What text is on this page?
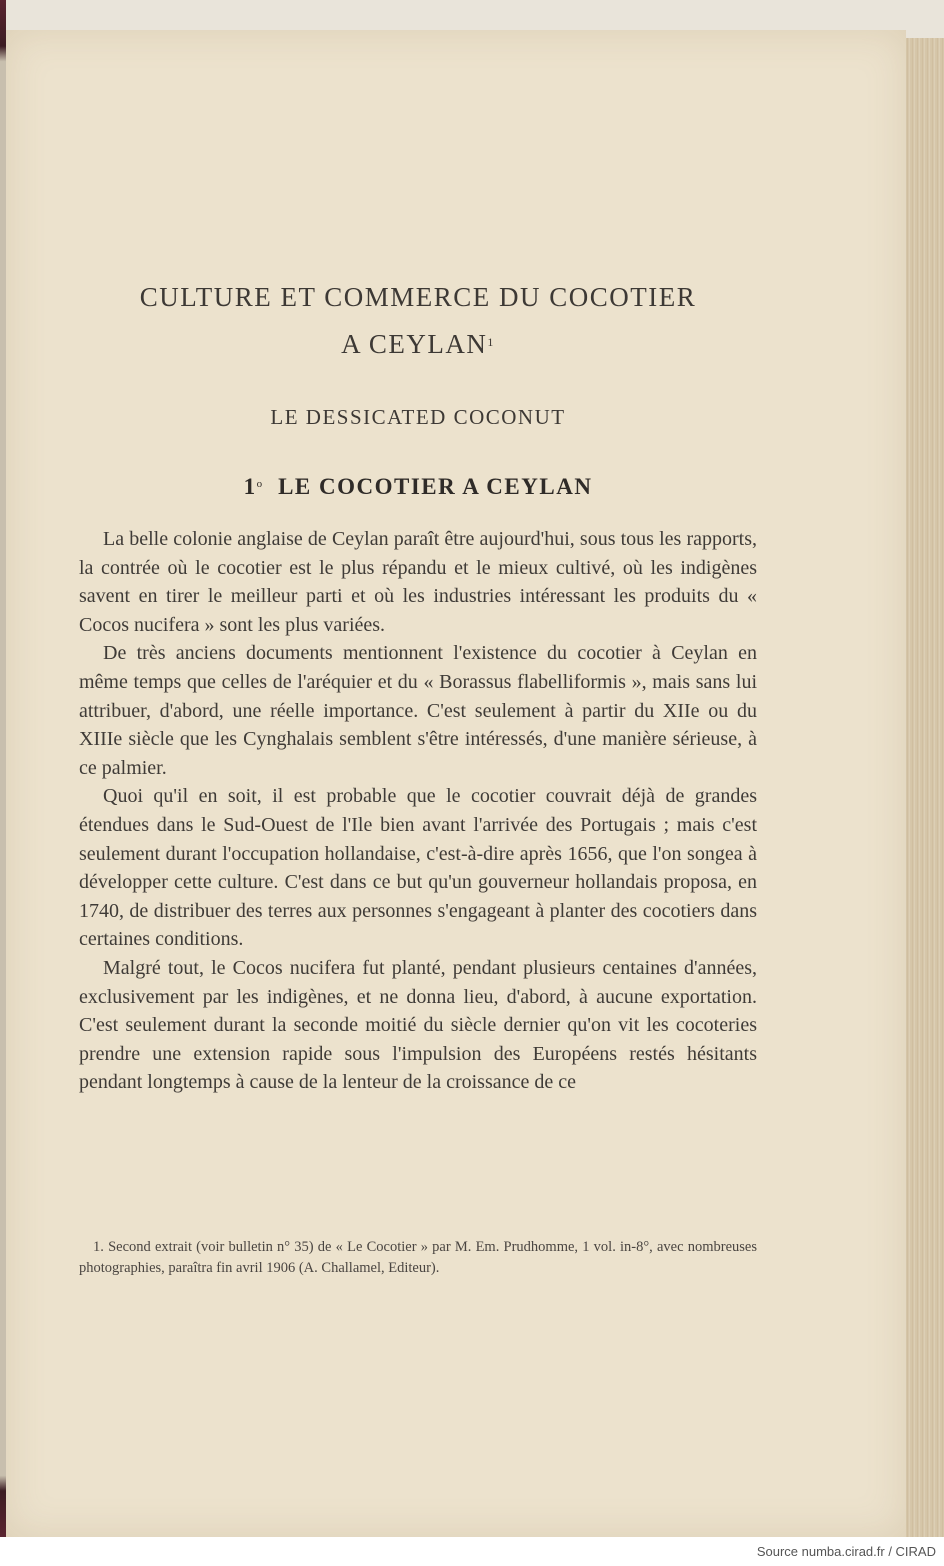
CULTURE ET COMMERCE DU COCOTIER
A CEYLAN$^1$
LE DESSICATED COCONUT
1$^o$ LE COCOTIER A CEYLAN

La belle colonie anglaise de Ceylan paraît être aujourd'hui, sous tous les rapports, la contrée où le cocotier est le plus répandu et le mieux cultivé, où les indigènes savent en tirer le meilleur parti et où les industries intéressant les produits du « Cocos nucifera » sont les plus variées.

De très anciens documents mentionnent l'existence du cocotier à Ceylan en même temps que celles de l'aréquier et du « Borassus flabelliformis », mais sans lui attribuer, d'abord, une réelle importance. C'est seulement à partir du XIIe ou du XIIIe siècle que les Cynghalais semblent s'être intéressés, d'une manière sérieuse, à ce palmier.

Quoi qu'il en soit, il est probable que le cocotier couvrait déjà de grandes étendues dans le Sud-Ouest de l'Ile bien avant l'arrivée des Portugais ; mais c'est seulement durant l'occupation hollandaise, c'est-à-dire après 1656, que l'on songea à développer cette culture. C'est dans ce but qu'un gouverneur hollandais proposa, en 1740, de distribuer des terres aux personnes s'engageant à planter des cocotiers dans certaines conditions.

Malgré tout, le Cocos nucifera fut planté, pendant plusieurs centaines d'années, exclusivement par les indigènes, et ne donna lieu, d'abord, à aucune exportation. C'est seulement durant la seconde moitié du siècle dernier qu'on vit les cocoteries prendre une extension rapide sous l'impulsion des Européens restés hésitants pendant longtemps à cause de la lenteur de la croissance de ce

1. Second extrait (voir bulletin n° 35) de « Le Cocotier » par M. Em. Prudhomme, 1 vol. in-8°, avec nombreuses photographies, paraîtra fin avril 1906 (A. Challamel, Editeur).

Source numba.cirad.fr / CIRAD
